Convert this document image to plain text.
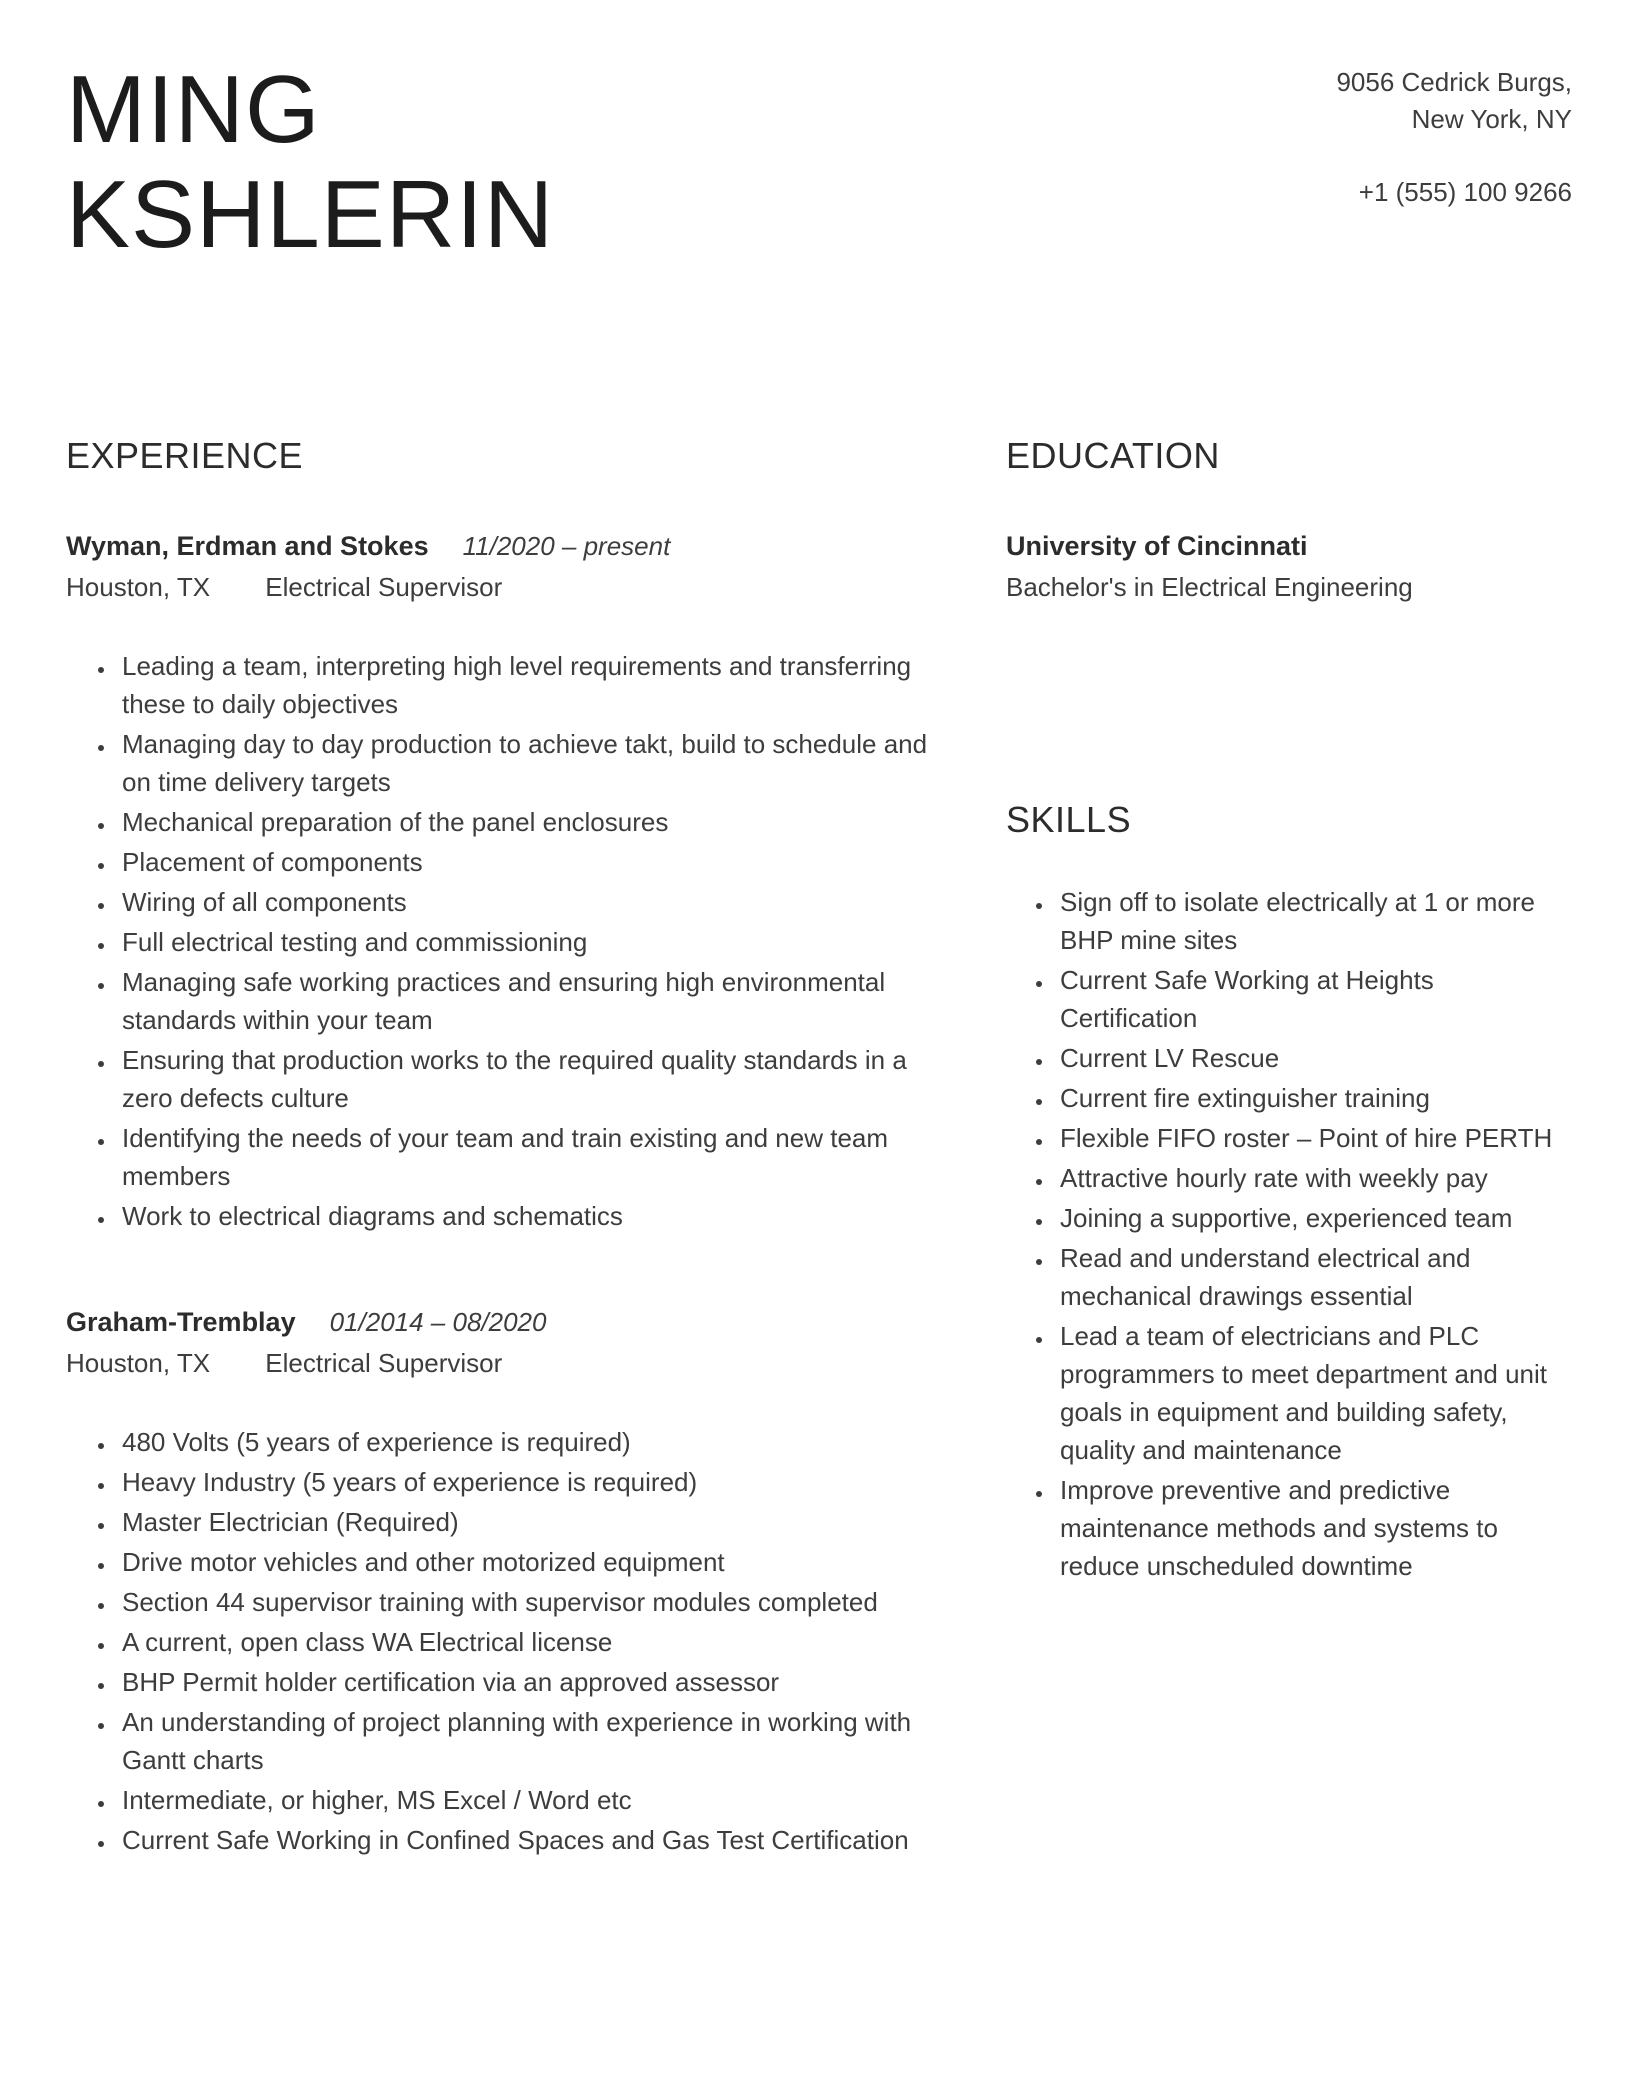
MING
KSHLERIN
9056 Cedrick Burgs,
New York, NY
+1 (555) 100 9266
EXPERIENCE
Wyman, Erdman and Stokes 11/2020 – present
Houston, TX Electrical Supervisor
• Leading a team, interpreting high level requirements and transferring these to daily objectives
• Managing day to day production to achieve takt, build to schedule and on time delivery targets
• Mechanical preparation of the panel enclosures
• Placement of components
• Wiring of all components
• Full electrical testing and commissioning
• Managing safe working practices and ensuring high environmental standards within your team
• Ensuring that production works to the required quality standards in a zero defects culture
• Identifying the needs of your team and train existing and new team members
• Work to electrical diagrams and schematics
Graham-Tremblay 01/2014 – 08/2020
Houston, TX Electrical Supervisor
• 480 Volts (5 years of experience is required)
• Heavy Industry (5 years of experience is required)
• Master Electrician (Required)
• Drive motor vehicles and other motorized equipment
• Section 44 supervisor training with supervisor modules completed
• A current, open class WA Electrical license
• BHP Permit holder certification via an approved assessor
• An understanding of project planning with experience in working with Gantt charts
• Intermediate, or higher, MS Excel / Word etc
• Current Safe Working in Confined Spaces and Gas Test Certification
EDUCATION
University of Cincinnati
Bachelor's in Electrical Engineering
SKILLS
• Sign off to isolate electrically at 1 or more BHP mine sites
• Current Safe Working at Heights Certification
• Current LV Rescue
• Current fire extinguisher training
• Flexible FIFO roster – Point of hire PERTH
• Attractive hourly rate with weekly pay
• Joining a supportive, experienced team
• Read and understand electrical and mechanical drawings essential
• Lead a team of electricians and PLC programmers to meet department and unit goals in equipment and building safety, quality and maintenance
• Improve preventive and predictive maintenance methods and systems to reduce unscheduled downtime
